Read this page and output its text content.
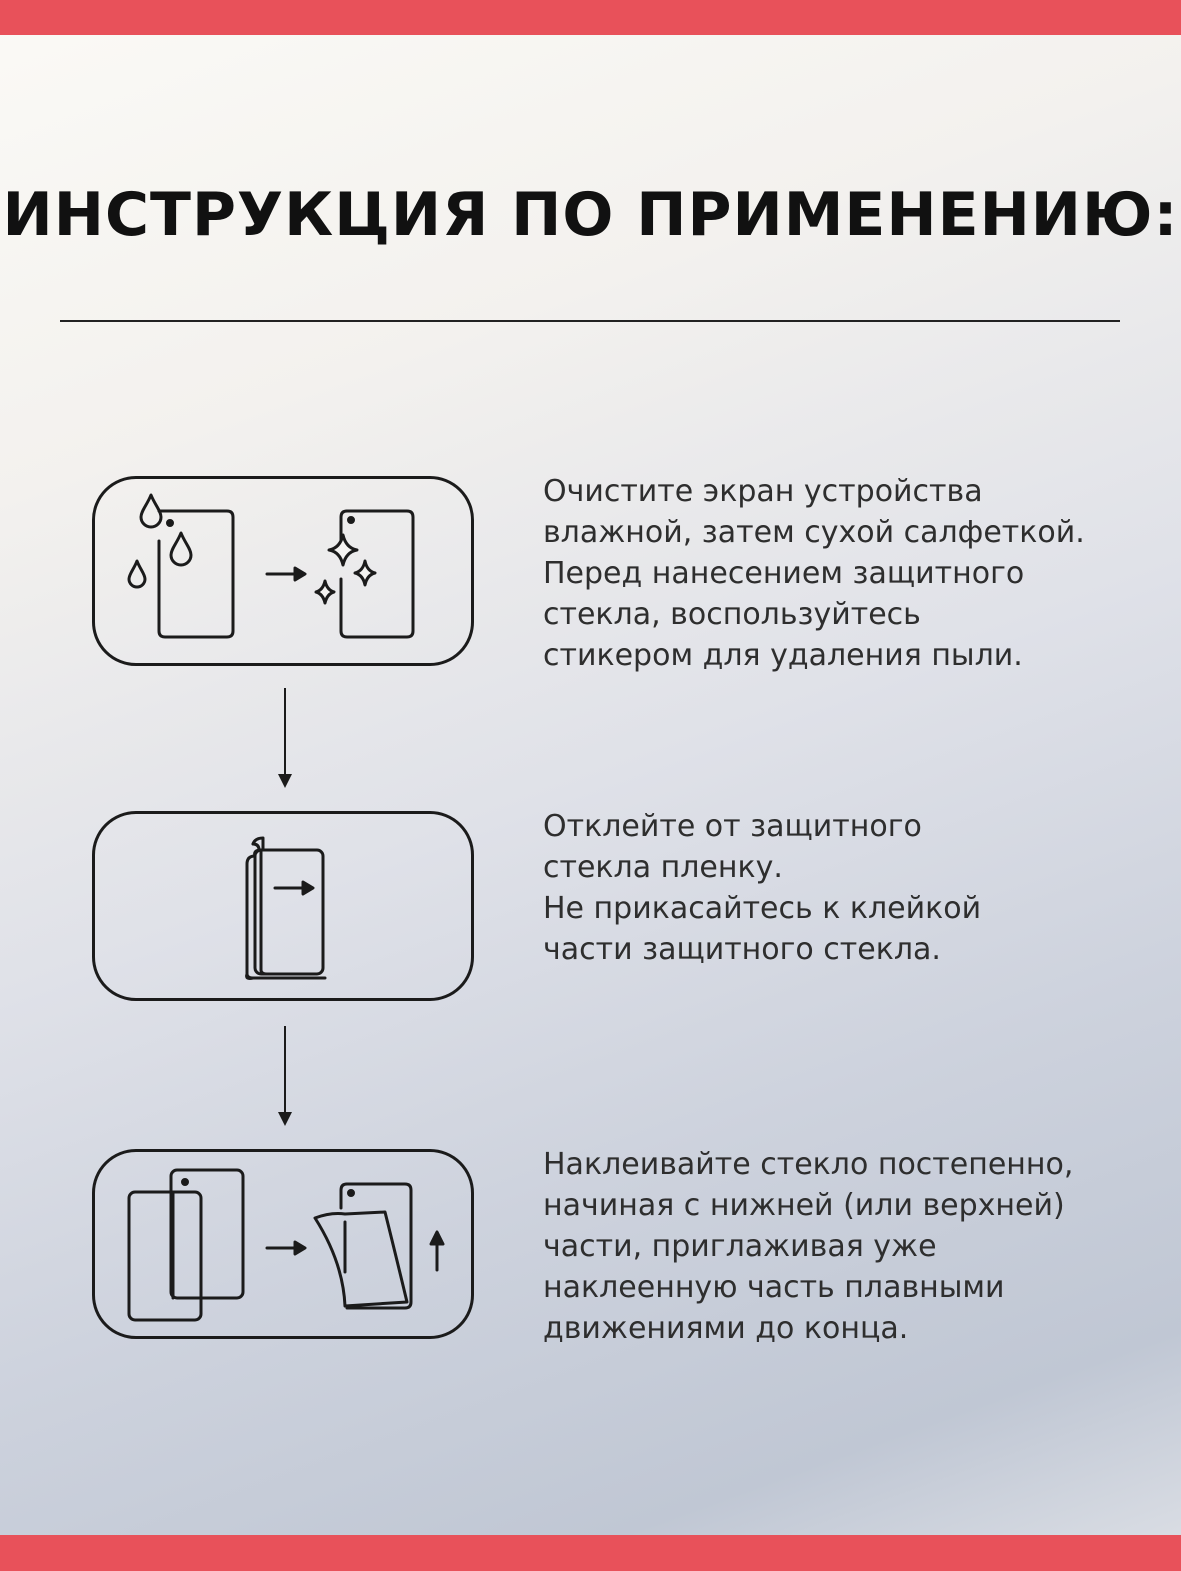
ИНСТРУКЦИЯ ПО ПРИМЕНЕНИЮ:
Очистите экран устройства
влажной, затем сухой салфеткой.
Перед нанесением защитного
стекла, воспользуйтесь
стикером для удаления пыли.
Отклейте от защитного
стекла пленку.
Не прикасайтесь к клейкой
части защитного стекла.
Наклеивайте стекло постепенно,
начиная с нижней (или верхней)
части, приглаживая уже
наклеенную часть плавными
движениями до конца.
